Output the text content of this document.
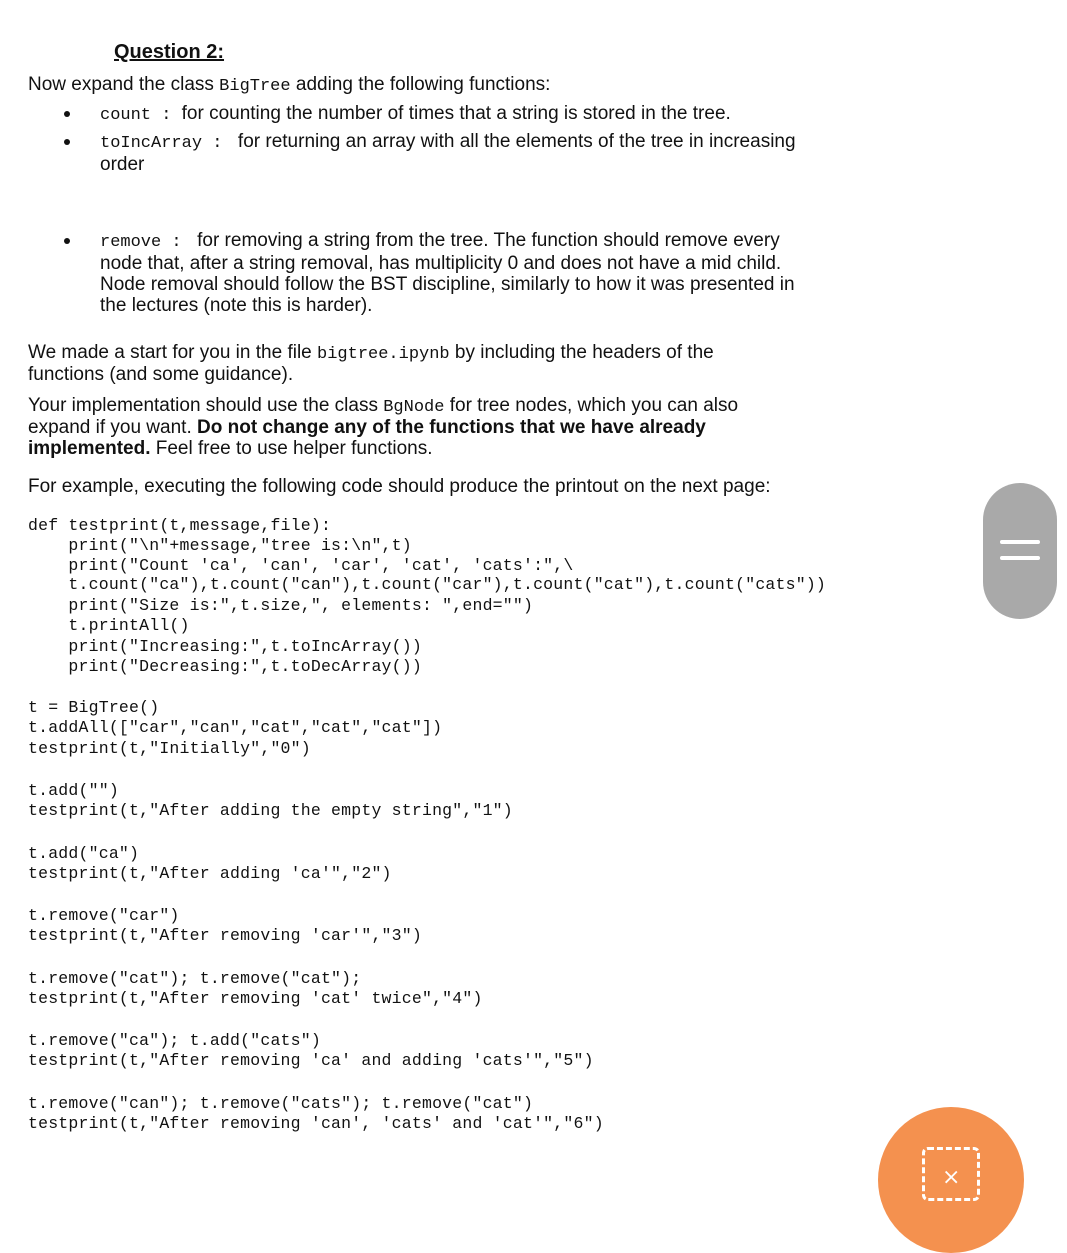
Question 2:
Now expand the class BigTree adding the following functions:
count : for counting the number of times that a string is stored in the tree.
toIncArray :  for returning an array with all the elements of the tree in increasing
order
remove :  for removing a string from the tree. The function should remove every
node that, after a string removal, has multiplicity 0 and does not have a mid child.
Node removal should follow the BST discipline, similarly to how it was presented in
the lectures (note this is harder).
We made a start for you in the file bigtree.ipynb by including the headers of the
functions (and some guidance).
Your implementation should use the class BgNode for tree nodes, which you can also
expand if you want. Do not change any of the functions that we have already
implemented. Feel free to use helper functions.
For example, executing the following code should produce the printout on the next page:
def testprint(t,message,file):
print("\n"+message,"tree is:\n",t)
print("Count 'ca', 'can', 'car', 'cat', 'cats':",\
t.count("ca"),t.count("can"),t.count("car"),t.count("cat"),t.count("cats"))
print("Size is:",t.size,", elements: ",end="")
t.printAll()
print("Increasing:",t.toIncArray())
print("Decreasing:",t.toDecArray())
t = BigTree()
t.addAll(["car","can","cat","cat","cat"])
testprint(t,"Initially","0")
t.add("")
testprint(t,"After adding the empty string","1")
t.add("ca")
testprint(t,"After adding 'ca'","2")
t.remove("car")
testprint(t,"After removing 'car'","3")
t.remove("cat"); t.remove("cat");
testprint(t,"After removing 'cat' twice","4")
t.remove("ca"); t.add("cats")
testprint(t,"After removing 'ca' and adding 'cats'","5")
t.remove("can"); t.remove("cats"); t.remove("cat")
testprint(t,"After removing 'can', 'cats' and 'cat'","6")
⨯
